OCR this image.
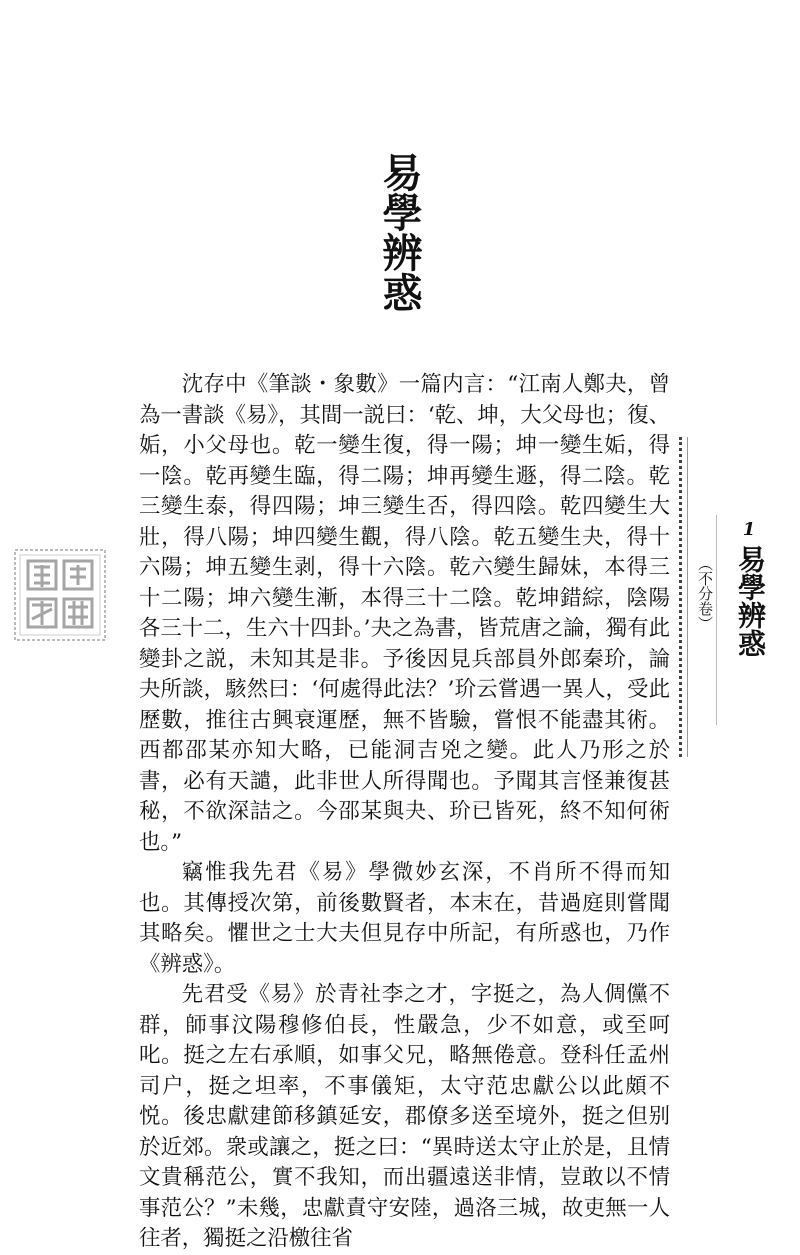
易學辨惑

沈存中《筆談・象數》一篇内言：“江南人鄭夬，曾為一書談《易》，其間一説曰：‘乾、坤，大父母也；復、姤，小父母也。乾一變生復，得一陽；坤一變生姤，得一陰。乾再變生臨，得二陽；坤再變生遯，得二陰。乾三變生泰，得四陽；坤三變生否，得四陰。乾四變生大壯，得八陽；坤四變生觀，得八陰。乾五變生夬，得十六陽；坤五變生剥，得十六陰。乾六變生歸妹，本得三十二陽；坤六變生漸，本得三十二陰。乾坤錯綜，陰陽各三十二，生六十四卦。’夬之為書，皆荒唐之論，獨有此變卦之説，未知其是非。予後因見兵部員外郎秦玠，論夬所談，駭然曰：‘何處得此法？’玠云嘗遇一異人，受此歷數，推往古興衰運歷，無不皆驗，嘗恨不能盡其術。西都邵某亦知大略，已能洞吉兇之變。此人乃形之於書，必有天譴，此非世人所得聞也。予聞其言怪兼復甚秘，不欲深詰之。今邵某與夬、玠已皆死，終不知何術也。”

竊惟我先君《易》學微妙玄深，不肖所不得而知也。其傳授次第，前後數賢者，本末在，昔過庭則嘗聞其略矣。懼世之士大夫但見存中所記，有所惑也，乃作《辨惑》。

先君受《易》於青社李之才，字挺之，為人倜儻不群，師事汶陽穆修伯長，性嚴急，少不如意，或至呵叱。挺之左右承順，如事父兄，略無倦意。登科任孟州司户，挺之坦率，不事儀矩，太守范忠獻公以此頗不悦。後忠獻建節移鎮延安，郡僚多送至境外，挺之但别於近郊。衆或讓之，挺之曰：“異時送太守止於是，且情文貴稱范公，實不我知，而出疆遠送非情，豈敢以不情事范公？”未幾，忠獻責守安陸，過洛三城，故吏無一人往者，獨挺之沿檄往省

1
易學辨惑
（不分卷）
